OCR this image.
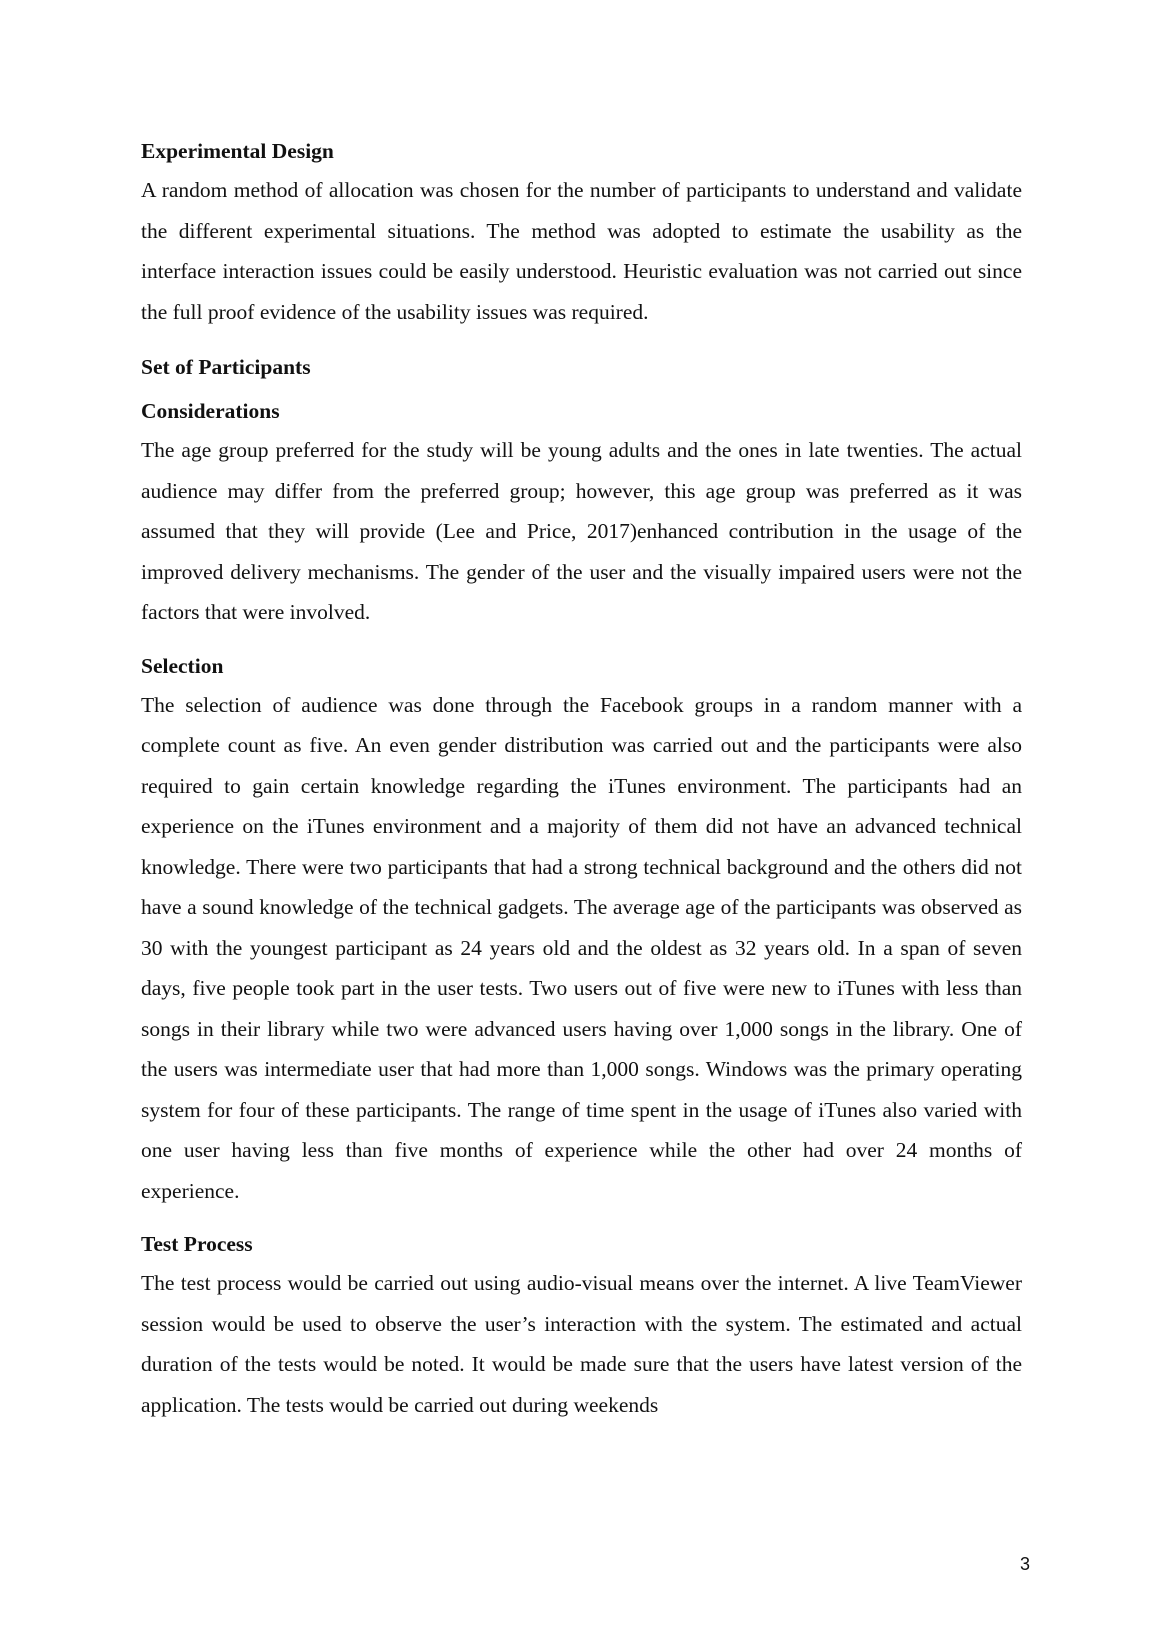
Experimental Design

A random method of allocation was chosen for the number of participants to understand and validate the different experimental situations. The method was adopted to estimate the usability as the interface interaction issues could be easily understood. Heuristic evaluation was not carried out since the full proof evidence of the usability issues was required.

Set of Participants
Considerations

The age group preferred for the study will be young adults and the ones in late twenties. The actual audience may differ from the preferred group; however, this age group was preferred as it was assumed that they will provide (Lee and Price, 2017)enhanced contribution in the usage of the improved delivery mechanisms. The gender of the user and the visually impaired users were not the factors that were involved.

Selection

The selection of audience was done through the Facebook groups in a random manner with a complete count as five. An even gender distribution was carried out and the participants were also required to gain certain knowledge regarding the iTunes environment. The participants had an experience on the iTunes environment and a majority of them did not have an advanced technical knowledge. There were two participants that had a strong technical background and the others did not have a sound knowledge of the technical gadgets. The average age of the participants was observed as 30 with the youngest participant as 24 years old and the oldest as 32 years old. In a span of seven days, five people took part in the user tests. Two users out of five were new to iTunes with less than songs in their library while two were advanced users having over 1,000 songs in the library. One of the users was intermediate user that had more than 1,000 songs. Windows was the primary operating system for four of these participants. The range of time spent in the usage of iTunes also varied with one user having less than five months of experience while the other had over 24 months of experience.

Test Process

The test process would be carried out using audio-visual means over the internet. A live TeamViewer session would be used to observe the user’s interaction with the system. The estimated and actual duration of the tests would be noted. It would be made sure that the users have latest version of the application. The tests would be carried out during weekends

3
